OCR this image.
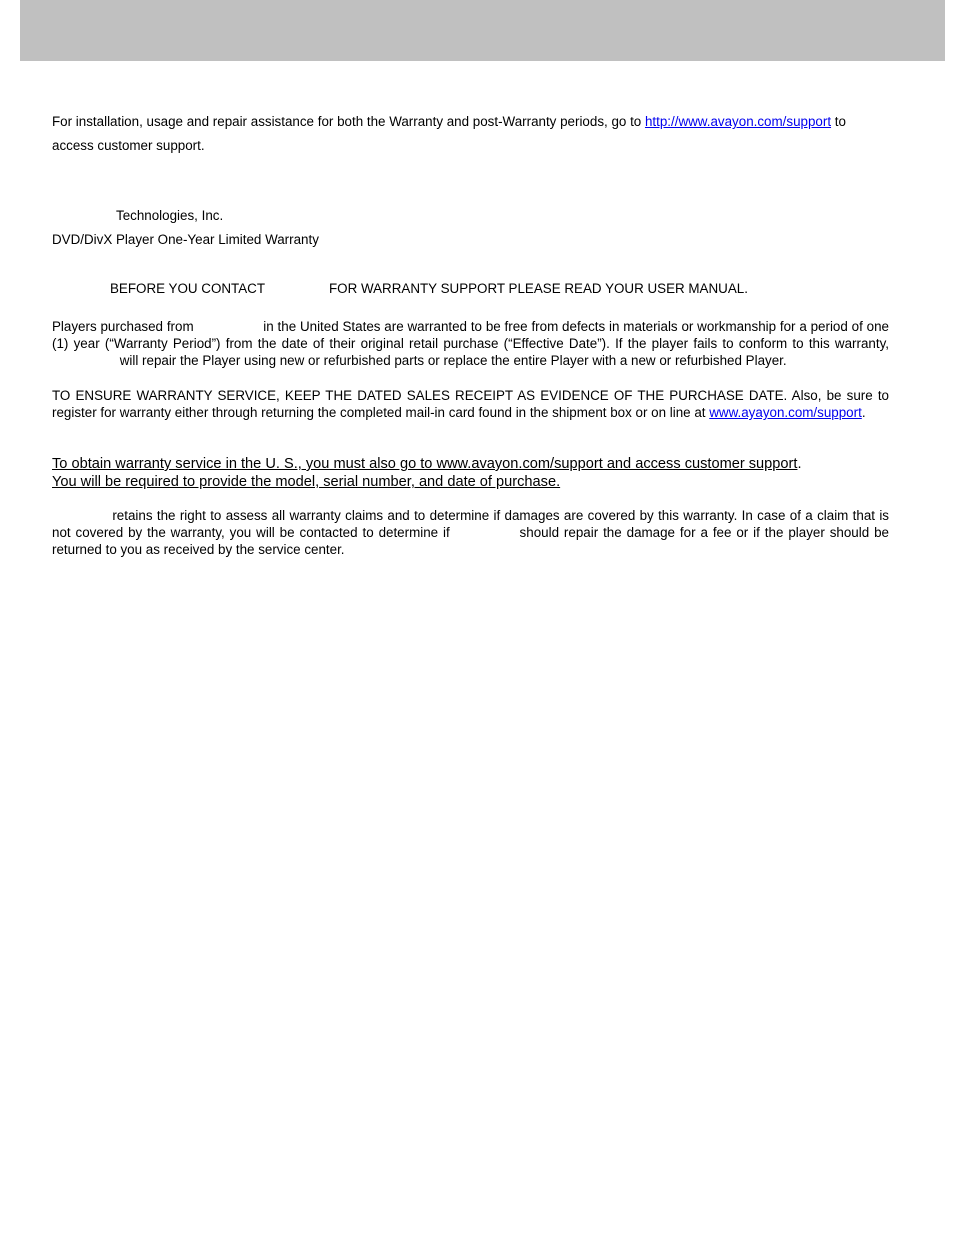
For installation, usage and repair assistance for both the Warranty and post-Warranty periods, go to http://www.avayon.com/support to access customer support.

Technologies, Inc.

DVD/DivX Player One-Year Limited Warranty

BEFORE YOU CONTACT	FOR WARRANTY SUPPORT PLEASE READ YOUR USER MANUAL.

Players purchased from	in the United States are warranted to be free from defects in materials or workmanship for a period of one (1) year (“Warranty Period”) from the date of their original retail purchase (“Effective Date”). If the player fails to conform to this warranty,  will repair the Player using new or refurbished parts or replace the entire Player with a new or refurbished Player.

TO ENSURE WARRANTY SERVICE, KEEP THE DATED SALES RECEIPT AS EVIDENCE OF THE PURCHASE DATE. Also, be sure to register for warranty either through returning the completed mail-in card found in the shipment box or on line at www.ayayon.com/support.

To obtain warranty service in the U. S., you must also go to www.avayon.com/support and access customer support.
You will be required to provide the model, serial number, and date of purchase.

retains the right to assess all warranty claims and to determine if damages are covered by this warranty. In case of a claim that is not covered by the warranty, you will be contacted to determine if	should repair the damage for a fee or if the player should be returned to you as received by the service center.
